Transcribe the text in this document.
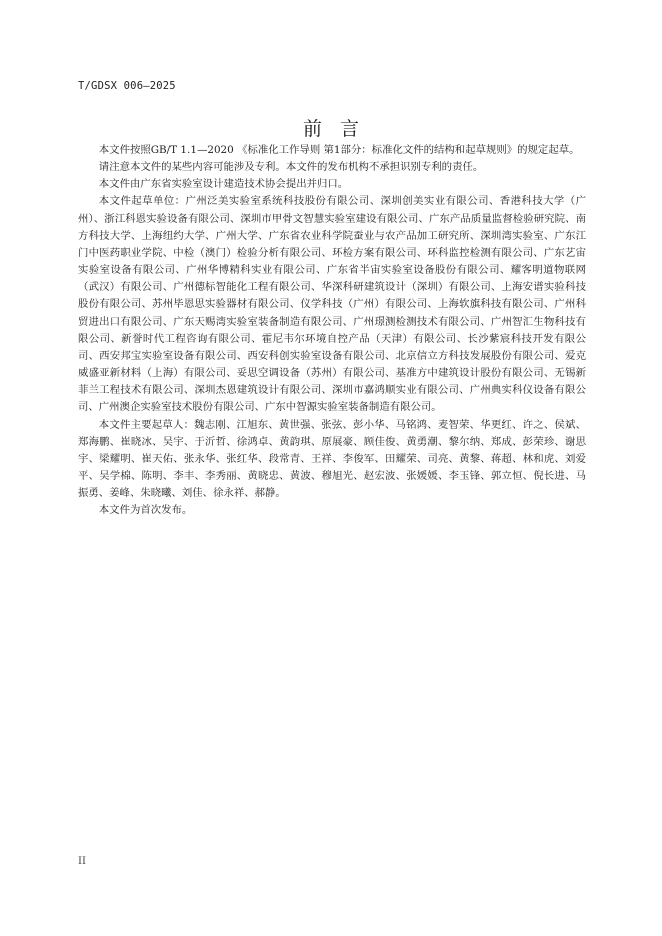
T/GDSX 006—2025
前言

本文件按照GB/T 1.1—2020 《标准化工作导则 第1部分：标准化文件的结构和起草规则》的规定起草。

请注意本文件的某些内容可能涉及专利。本文件的发布机构不承担识别专利的责任。

本文件由广东省实验室设计建造技术协会提出并归口。

本文件起草单位：广州泛美实验室系统科技股份有限公司、深圳创美实业有限公司、香港科技大学（广州）、浙江科恩实验设备有限公司、深圳市甲骨文智慧实验室建设有限公司、广东产品质量监督检验研究院、南方科技大学、上海纽约大学、广州大学、广东省农业科学院蚕业与农产品加工研究所、深圳湾实验室、广东江门中医药职业学院、中检（澳门）检验分析有限公司、环检方案有限公司、环科监控检测有限公司、广东艺宙实验室设备有限公司、广州华博精科实业有限公司、广东省半宙实验室设备股份有限公司、耀客明道物联网（武汉）有限公司、广州德标智能化工程有限公司、华深科研建筑设计（深圳）有限公司、上海安谱实验科技股份有限公司、苏州毕恩思实验器材有限公司、仪学科技（广州）有限公司、上海软旗科技有限公司、广州科贸进出口有限公司、广东天赐湾实验室装备制造有限公司、广州璟测检测技术有限公司、广州智汇生物科技有限公司、新誉时代工程咨询有限公司、霍尼韦尔环境自控产品（天津）有限公司、长沙紫宸科技开发有限公司、西安邦宝实验室设备有限公司、西安科创实验室设备有限公司、北京信立方科技发展股份有限公司、爱克威盛亚新材料（上海）有限公司、妥思空调设备（苏州）有限公司、基准方中建筑设计股份有限公司、无锡新菲兰工程技术有限公司、深圳杰恩建筑设计有限公司、深圳市嘉鸿顺实业有限公司、广州典实科仪设备有限公司、广州澳企实验室技术股份有限公司、广东中智源实验室装备制造有限公司。

本文件主要起草人：魏志刚、江旭东、黄世强、张弦、彭小华、马铭鸿、麦智荣、华更红、许之、侯斌、郑海鹏、崔晓冰、吴宇、于沂哲、徐鸿卓、黄韵琪、原展豪、顾佳俊、黄勇潮、黎尔纳、郑成、彭荣珍、谢思宇、梁耀明、崔天佑、张永华、张红华、段常青、王祥、李俊军、田耀荣、司亮、黄黎、蒋超、林和虎、刘爱平、吴学棉、陈明、李丰、李秀丽、黄晓忠、黄波、穆旭光、赵宏波、张媛媛、李玉锋、郭立恒、倪长进、马振勇、姜峰、朱晓曦、刘佳、徐永祥、郝静。

本文件为首次发布。

II
